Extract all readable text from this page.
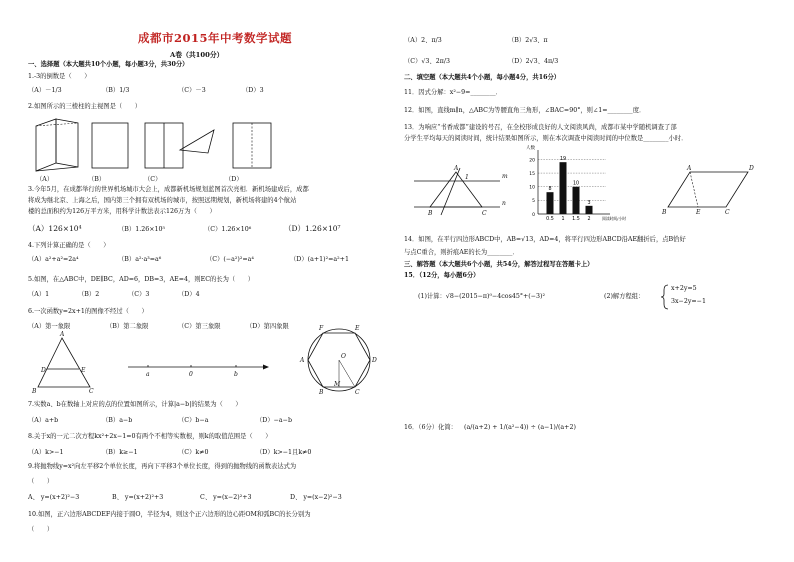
成都市2015年中考数学试题
A卷（共100分）
一、选择题（本大题共10个小题，每小题3分，共30分）
1.-3的倒数是（　　）
（A）－1/3	（B）1/3	（C）－3	（D）3
2.如图所示的三棱柱的主视图是（　　）
（A）	（B）	（C）	（D）
3.今年5月，在成都举行的世界机场城市大会上，成都新机场规划蓝图首次亮相．新机场建成后，成都
将成为继北京、上海之后，国内第三个拥有双机场的城市，按照远期规划，新机场将建的4个航站
楼的总面积约为126万平方米，用科学计数法表示126万为（　　）
（A）126×10⁴	（B）1.26×10⁵	（C）1.26×10⁶	（D）1.26×10⁷
4.下列计算正确的是（　　）
（A）a²+a²=2a⁴	（B）a²·a³=a⁶	（C）(−a²)²=a⁴	（D）(a+1)²=a²+1
5.如图，在△ABC中，DE∥BC，AD=6，DB=3，AE=4，则EC的长为（　　）
（A）1	（B）2	（C）3	（D）4
6.一次函数y=2x+1的图像不经过（　　）
（A）第一象限	（B）第二象限	（C）第三象限	（D）第四象限
A
D	E
B	C
a	0	b
F	E
D
A
B	C
O
M
7.实数a、b在数轴上对应的点的位置如图所示，计算|a−b|的结果为（　　）
（A）a+b	（B）a−b	（C）b−a	（D）−a−b
8.关于x的一元二次方程kx²+2x−1=0有两个不相等实数根，则k的取值范围是（　　）
（A）k>−1	（B）k≥−1	（C）k≠0	（D）k>−1且k≠0
9.将抛物线y=x²向左平移2个单位长度，再向下平移3个单位长度，得到的抛物线的函数表达式为
（　　）
A、 y=(x+2)²−3	B、 y=(x+2)²+3	C、 y=(x−2)²+3	D、 y=(x−2)²−3
10.如图，正六边形ABCDEF内接于圆O，半径为4，则这个正六边形的边心距OM和弧BC的长分别为
（　　）
（A）2、π/3	（B）2√3、π
（C）√3、2π/3	（D）2√3、4π/3
二、填空题（本大题共4个小题，每小题4分，共16分）
11．因式分解：x²−9=________．
12．如图，直线m∥n，△ABC为等腰直角三角形，∠BAC=90°，则∠1=________度．
13．为响应“书香成都”建设的号召，在全校形成良好的人文阅读风尚，成都市某中学随机调查了部
分学生平均每天的阅读时间，统计结果如图所示，则在本次调查中阅读时间的中位数是________小时．
A
B	C
m
n
1
人数
0
5
10
15
20
8
0.5
19
1
10
1.5
3
2	阅读时间/小时
A	D
B	E	C
14．如图，在平行四边形ABCD中，AB=√13，AD=4，将平行四边形ABCD沿AE翻折后，点B恰好
与点C重合，则折痕AE的长为________．
三、解答题（本大题共6个小题，共54分，解答过程写在答题卡上）
15．（12分，每小题6分）
(1)计算：√8−(2015−π)⁰−4cos45°+(−3)²	(2)解方程组：
x+2y=5
3x−2y=−1
16．（6分）化简： (a/(a+2) + 1/(a²−4)) ÷ (a−1)/(a+2)
